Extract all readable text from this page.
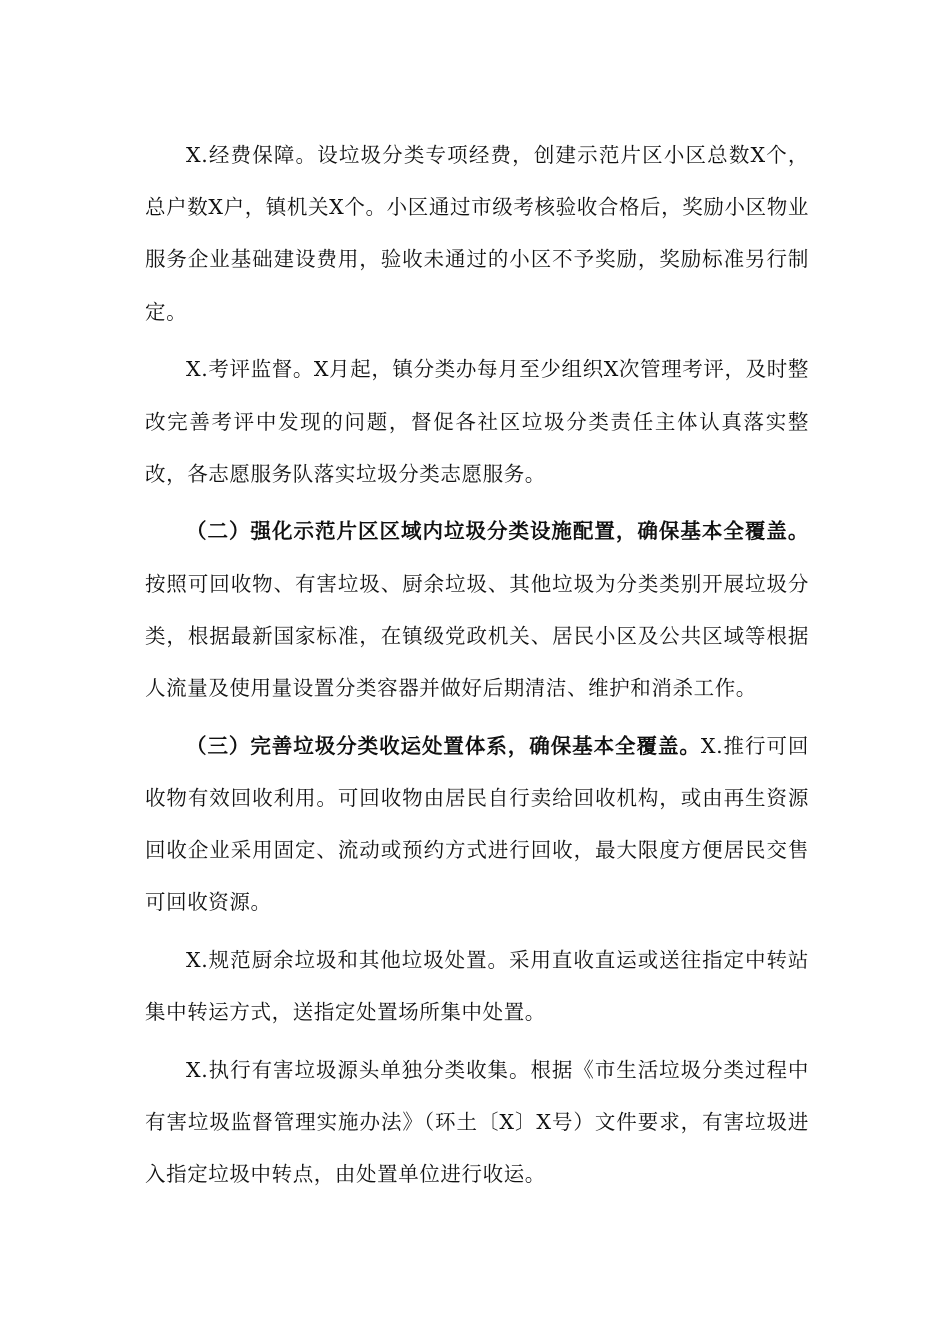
X.经费保障。设垃圾分类专项经费，创建示范片区小区总数X个，总户数X户，镇机关X个。小区通过市级考核验收合格后，奖励小区物业服务企业基础建设费用，验收未通过的小区不予奖励，奖励标准另行制定。

X.考评监督。X月起，镇分类办每月至少组织X次管理考评，及时整改完善考评中发现的问题，督促各社区垃圾分类责任主体认真落实整改，各志愿服务队落实垃圾分类志愿服务。

（二）强化示范片区区域内垃圾分类设施配置，确保基本全覆盖。按照可回收物、有害垃圾、厨余垃圾、其他垃圾为分类类别开展垃圾分类，根据最新国家标准，在镇级党政机关、居民小区及公共区域等根据人流量及使用量设置分类容器并做好后期清洁、维护和消杀工作。

（三）完善垃圾分类收运处置体系，确保基本全覆盖。X.推行可回收物有效回收利用。可回收物由居民自行卖给回收机构，或由再生资源回收企业采用固定、流动或预约方式进行回收，最大限度方便居民交售可回收资源。

X.规范厨余垃圾和其他垃圾处置。采用直收直运或送往指定中转站集中转运方式，送指定处置场所集中处置。

X.执行有害垃圾源头单独分类收集。根据《市生活垃圾分类过程中有害垃圾监督管理实施办法》（环土〔X〕X号）文件要求，有害垃圾进入指定垃圾中转点，由处置单位进行收运。
